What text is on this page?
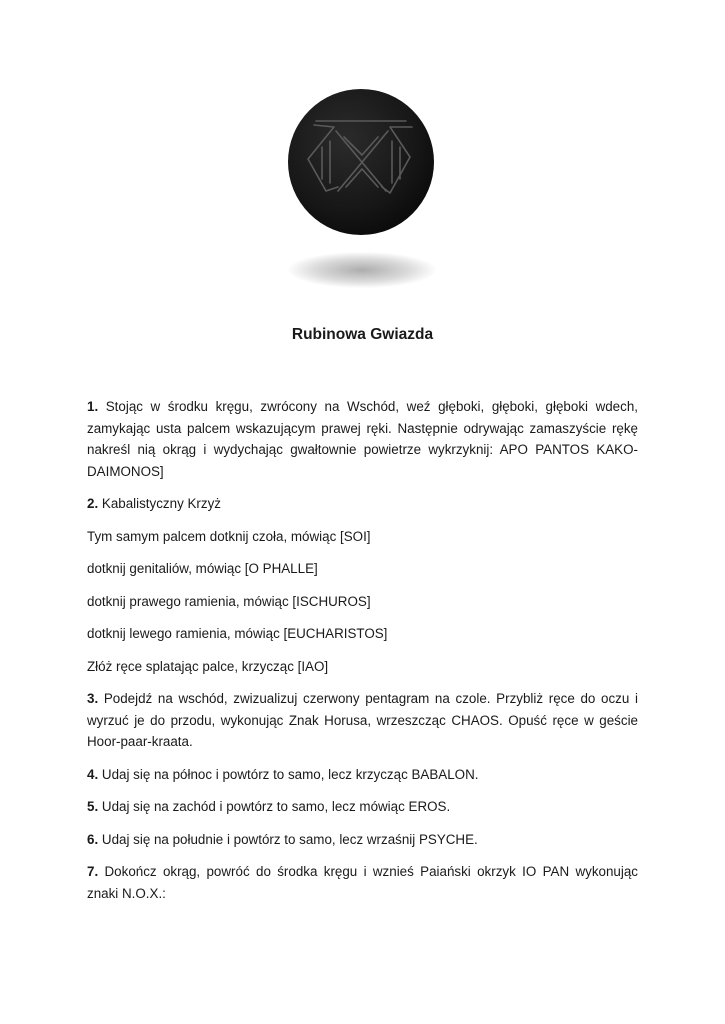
Rubinowa Gwiazda

1. Stojąc w środku kręgu, zwrócony na Wschód, weź głęboki, głęboki, głęboki wdech, zamykając usta palcem wskazującym prawej ręki. Następnie odrywając zamaszyście rękę nakreśl nią okrąg i wydychając gwałtownie powietrze wykrzyknij: APO PANTOS KAKO-DAIMONOS]

2. Kabalistyczny Krzyż

Tym samym palcem dotknij czoła, mówiąc [SOI]

dotknij genitaliów, mówiąc [O PHALLE]

dotknij prawego ramienia, mówiąc [ISCHUROS]

dotknij lewego ramienia, mówiąc [EUCHARISTOS]

Złóż ręce splatając palce, krzycząc [IAO]

3. Podejdź na wschód, zwizualizuj czerwony pentagram na czole. Przybliż ręce do oczu i wyrzuć je do przodu, wykonując Znak Horusa, wrzeszcząc CHAOS. Opuść ręce w geście Hoor-paar-kraata.

4. Udaj się na północ i powtórz to samo, lecz krzycząc BABALON.

5. Udaj się na zachód i powtórz to samo, lecz mówiąc EROS.

6. Udaj się na południe i powtórz to samo, lecz wrzaśnij PSYCHE.

7. Dokończ okrąg, powróć do środka kręgu i wznieś Paiański okrzyk IO PAN wykonując znaki N.O.X.:
